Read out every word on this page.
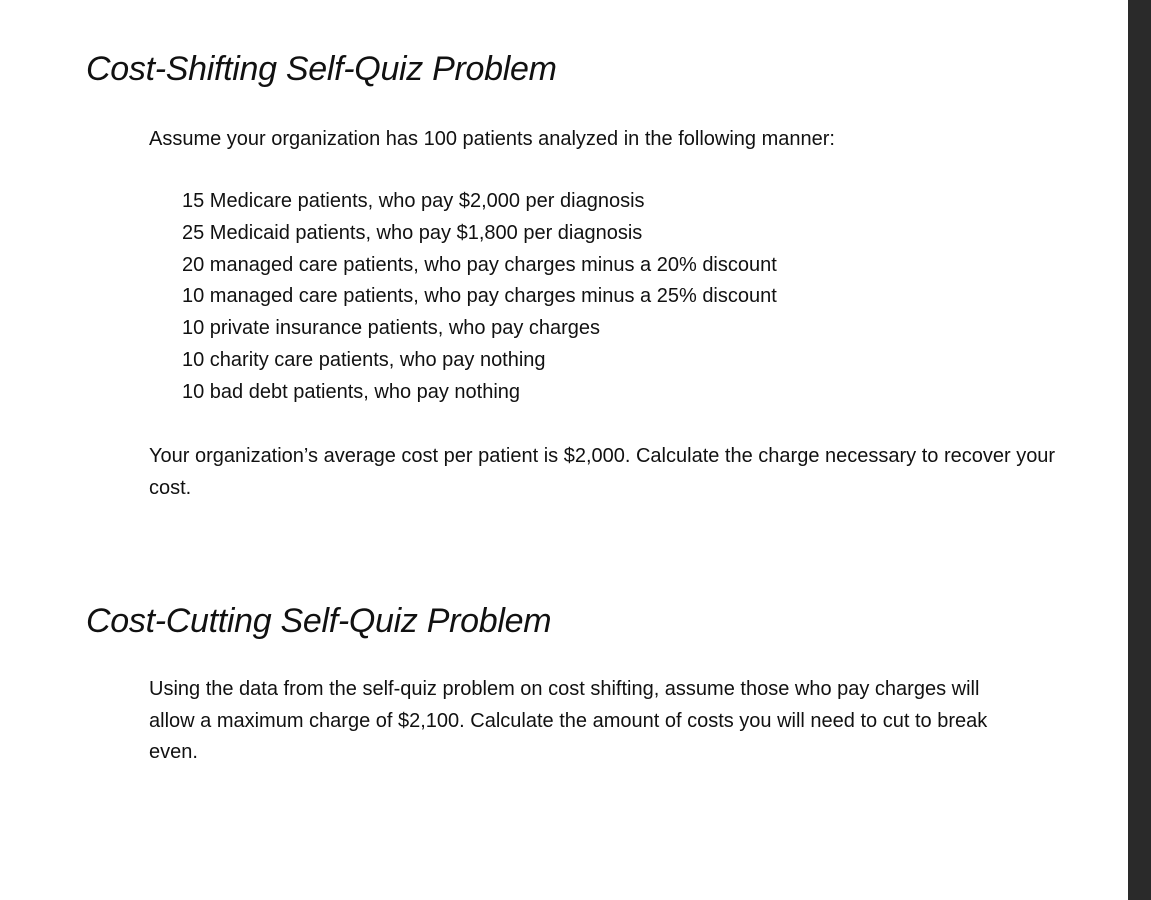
Cost-Shifting Self-Quiz Problem

Assume your organization has 100 patients analyzed in the following manner:

15 Medicare patients, who pay $2,000 per diagnosis
25 Medicaid patients, who pay $1,800 per diagnosis
20 managed care patients, who pay charges minus a 20% discount
10 managed care patients, who pay charges minus a 25% discount
10 private insurance patients, who pay charges
10 charity care patients, who pay nothing
10 bad debt patients, who pay nothing

Your organization’s average cost per patient is $2,000. Calculate the charge necessary to recover your cost.

Cost-Cutting Self-Quiz Problem

Using the data from the self-quiz problem on cost shifting, assume those who pay charges will allow a maximum charge of $2,100. Calculate the amount of costs you will need to cut to break even.
